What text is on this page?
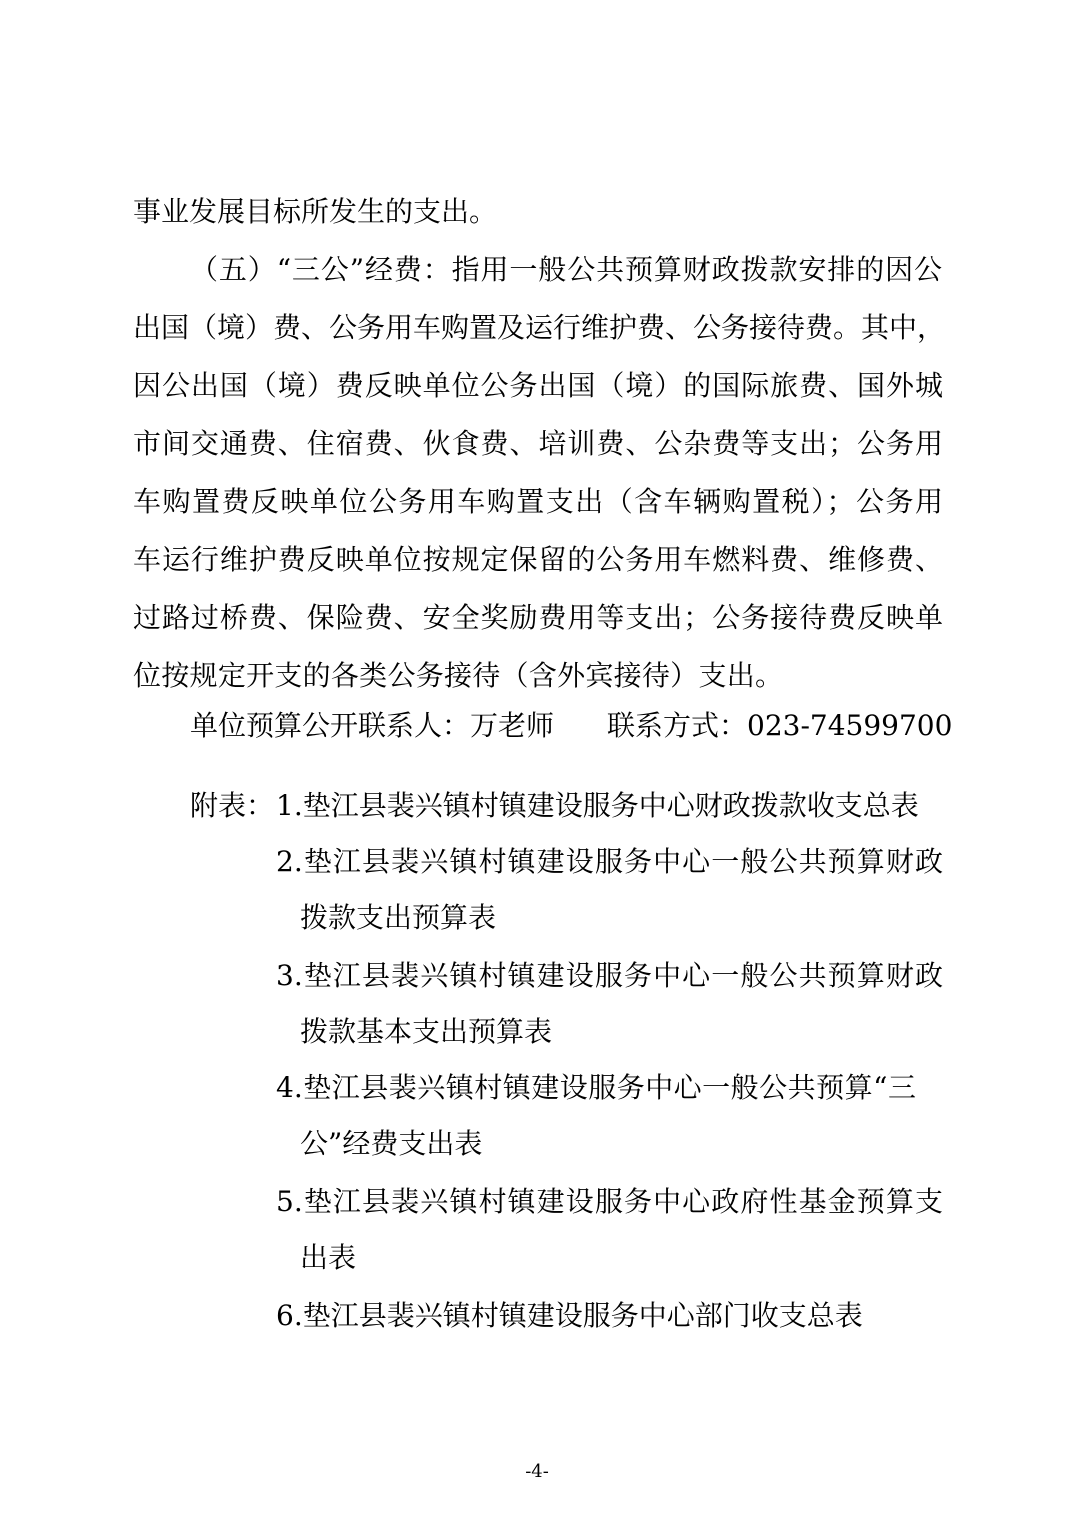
事业发展目标所发生的支出。
（五）“三公”经费：指用一般公共预算财政拨款安排的因公
出国（境）费、公务用车购置及运行维护费、公务接待费。其中，
因公出国（境）费反映单位公务出国（境）的国际旅费、国外城
市间交通费、住宿费、伙食费、培训费、公杂费等支出；公务用
车购置费反映单位公务用车购置支出（含车辆购置税）；公务用
车运行维护费反映单位按规定保留的公务用车燃料费、维修费、
过路过桥费、保险费、安全奖励费用等支出；公务接待费反映单
位按规定开支的各类公务接待（含外宾接待）支出。
单位预算公开联系人：万老师 联系方式：023-74599700
附表： 1.垫江县裴兴镇村镇建设服务中心财政拨款收支总表
2.垫江县裴兴镇村镇建设服务中心一般公共预算财政
拨款支出预算表
3.垫江县裴兴镇村镇建设服务中心一般公共预算财政
拨款基本支出预算表
4.垫江县裴兴镇村镇建设服务中心一般公共预算“三
公”经费支出表
5.垫江县裴兴镇村镇建设服务中心政府性基金预算支
出表
6.垫江县裴兴镇村镇建设服务中心部门收支总表
-4-
